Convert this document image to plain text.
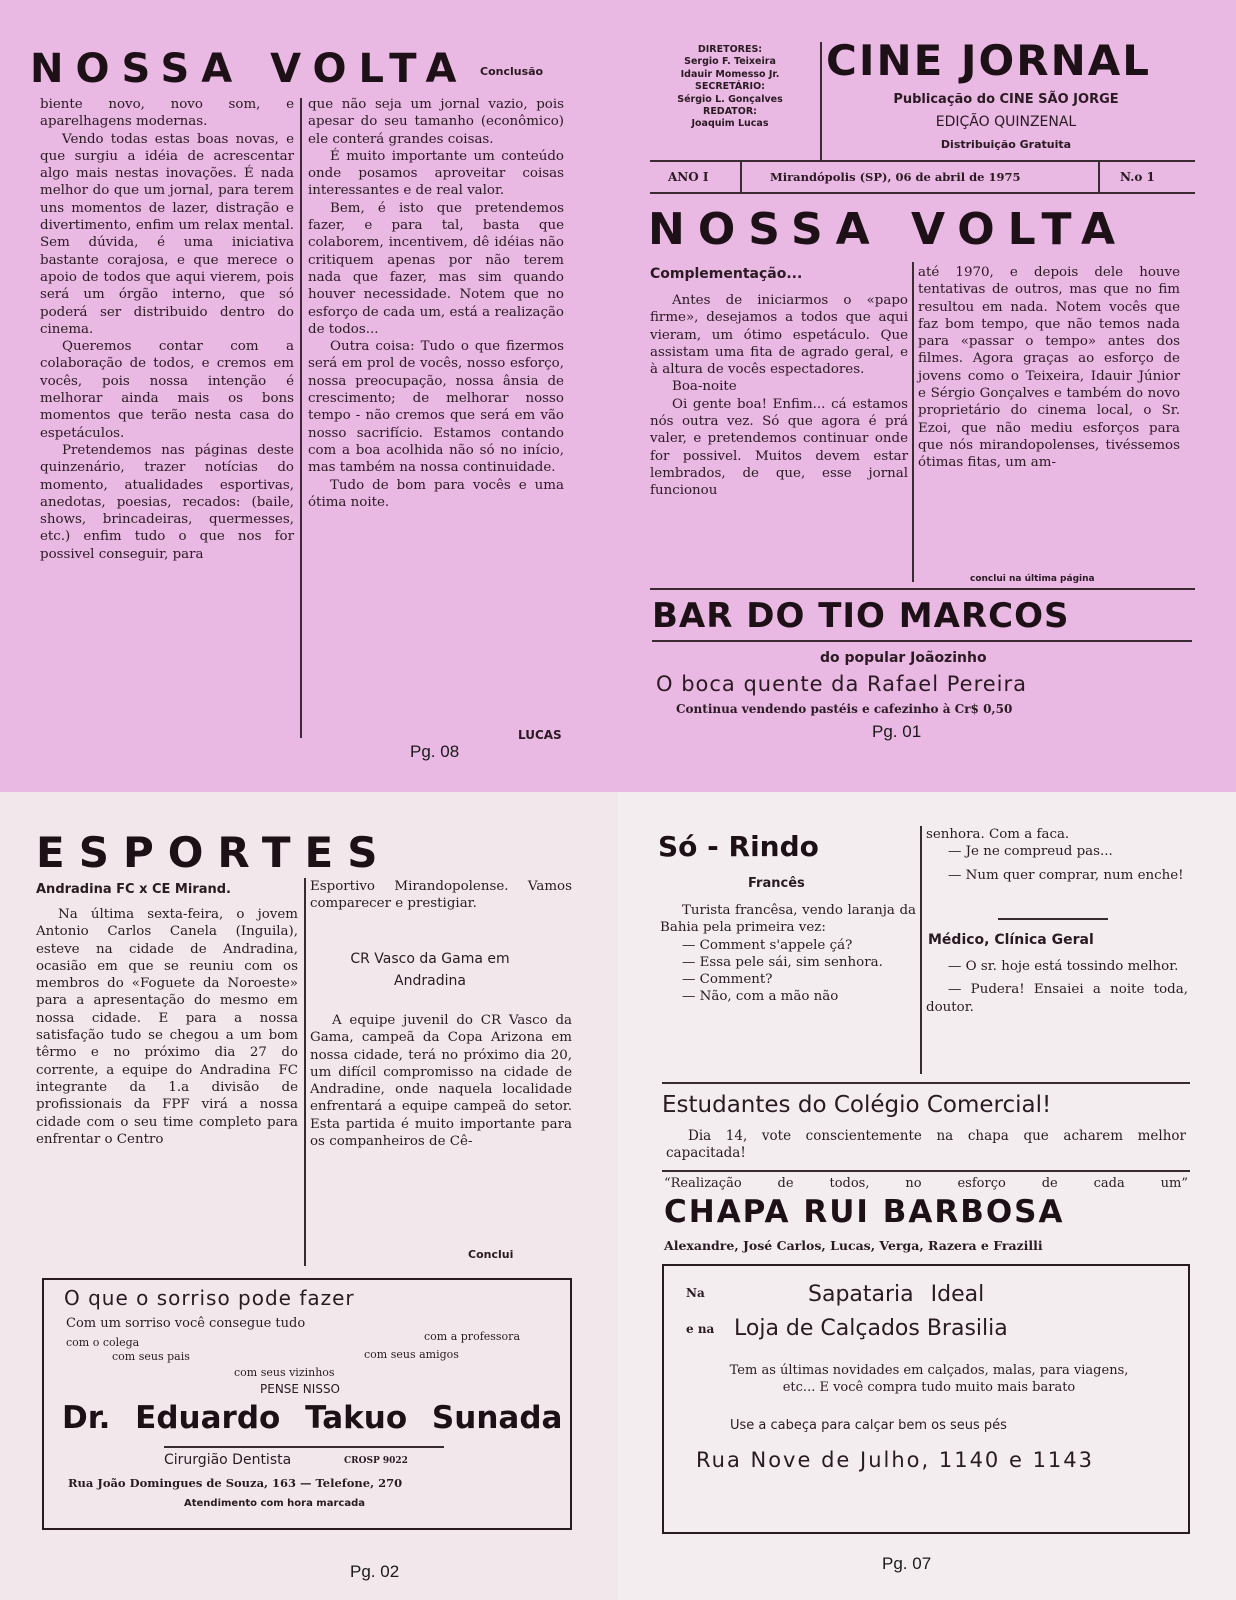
NOSSA VOLTA Conclusão

biente novo, novo som, e aparelhagens modernas.

Vendo todas estas boas novas, e que surgiu a idéia de acrescentar algo mais nestas inovações. É nada melhor do que um jornal, para terem uns momentos de lazer, distração e divertimento, enfim um relax mental. Sem dúvida, é uma iniciativa bastante corajosa, e que merece o apoio de todos que aqui vierem, pois será um órgão interno, que só poderá ser distribuido dentro do cinema.

Queremos contar com a colaboração de todos, e cremos em vocês, pois nossa intenção é melhorar ainda mais os bons momentos que terão nesta casa do espetáculos.

Pretendemos nas páginas deste quinzenário, trazer notícias do momento, atualidades esportivas, anedotas, poesias, recados: (baile, shows, brincadeiras, quermesses, etc.) enfim tudo o que nos for possivel conseguir, para

que não seja um jornal vazio, pois apesar do seu tamanho (econômico) ele conterá grandes coisas.

É muito importante um conteúdo onde posamos aproveitar coisas interessantes e de real valor.

Bem, é isto que pretendemos fazer, e para tal, basta que colaborem, incentivem, dê idéias não critiquem apenas por não terem nada que fazer, mas sim quando houver necessidade. Notem que no esforço de cada um, está a realização de todos...

Outra coisa: Tudo o que fizermos será em prol de vocês, nosso esforço, nossa preocupação, nossa ânsia de crescimento; de melhorar nosso tempo - não cremos que será em vão nosso sacrifício. Estamos contando com a boa acolhida não só no início, mas também na nossa continuidade.

Tudo de bom para vocês e uma ótima noite.

LUCAS
Pg. 08
DIRETORES:
Sergio F. Teixeira
Idauir Momesso Jr.
SECRETÁRIO:
Sérgio L. Gonçalves
REDATOR:
Joaquim Lucas
CINE JORNAL
Publicação do CINE SÃO JORGE
EDIÇÃO QUINZENAL
Distribuição Gratuita
ANO I	Mirandópolis (SP), 06 de abril de 1975	N.o 1
NOSSA VOLTA
Complementação...

Antes de iniciarmos o «papo firme», desejamos a todos que aqui vieram, um ótimo espetáculo. Que assistam uma fita de agrado geral, e à altura de vocês espectadores.

Boa-noite

Oi gente boa! Enfim... cá estamos nós outra vez. Só que agora é prá valer, e pretendemos continuar onde for possivel. Muitos devem estar lembrados, de que, esse jornal funcionou

até 1970, e depois dele houve tentativas de outros, mas que no fim resultou em nada. Notem vocês que faz bom tempo, que não temos nada para «passar o tempo» antes dos filmes. Agora graças ao esforço de jovens como o Teixeira, Idauir Júnior e Sérgio Gonçalves e também do novo proprietário do cinema local, o Sr. Ezoi, que não mediu esforços para que nós mirandopolenses, tivéssemos ótimas fitas, um am-

conclui na última página
BAR DO TIO MARCOS
do popular Joãozinho
O boca quente da Rafael Pereira
Continua vendendo pastéis e cafezinho à Cr$ 0,50
Pg. 01
ESPORTES
Andradina FC x CE Mirand.

Na última sexta-feira, o jovem Antonio Carlos Canela (Inguila), esteve na cidade de Andradina, ocasião em que se reuniu com os membros do «Foguete da Noroeste» para a apresentação do mesmo em nossa cidade. E para a nossa satisfação tudo se chegou a um bom têrmo e no próximo dia 27 do corrente, a equipe do Andradina FC integrante da 1.a divisão de profissionais da FPF virá a nossa cidade com o seu time completo para enfrentar o Centro

Esportivo Mirandopolense. Vamos comparecer e prestigiar.

CR Vasco da Gama em Andradina

A equipe juvenil do CR Vasco da Gama, campeã da Copa Arizona em nossa cidade, terá no próximo dia 20, um difícil compromisso na cidade de Andradine, onde naquela localidade enfrentará a equipe campeã do setor. Esta partida é muito importante para os companheiros de Cê-

Conclui
O que o sorriso pode fazer
Com um sorriso você consegue tudo
com o colega	com a professora
com seus pais	com seus amigos
com seus vizinhos
PENSE NISSO
Dr. Eduardo Takuo Sunada
Cirurgião Dentista	CROSP 9022
Rua João Domingues de Souza, 163 — Telefone, 270
Atendimento com hora marcada
Pg. 02
Só - Rindo
Francês

Turista francêsa, vendo laranja da Bahia pela primeira vez:

— Comment s'appele çá?

— Essa pele sái, sim senhora.

— Comment?

— Não, com a mão não

senhora. Com a faca.

— Je ne compreud pas...

— Num quer comprar, num enche!

Médico, Clínica Geral

— O sr. hoje está tossindo melhor.

— Pudera! Ensaiei a noite toda, doutor.

Estudantes do Colégio Comercial!

Dia 14, vote conscientemente na chapa que acharem melhor capacitada!

“Realização de todos, no esforço de cada um”
CHAPA RUI BARBOSA
Alexandre, José Carlos, Lucas, Verga, Razera e Frazilli
Na	Sapataria Ideal
e na Loja de Calçados Brasilia
Tem as últimas novidades em calçados, malas, para viagens, etc... E você compra tudo muito mais barato
Use a cabeça para calçar bem os seus pés
Rua Nove de Julho, 1140 e 1143
Pg. 07
